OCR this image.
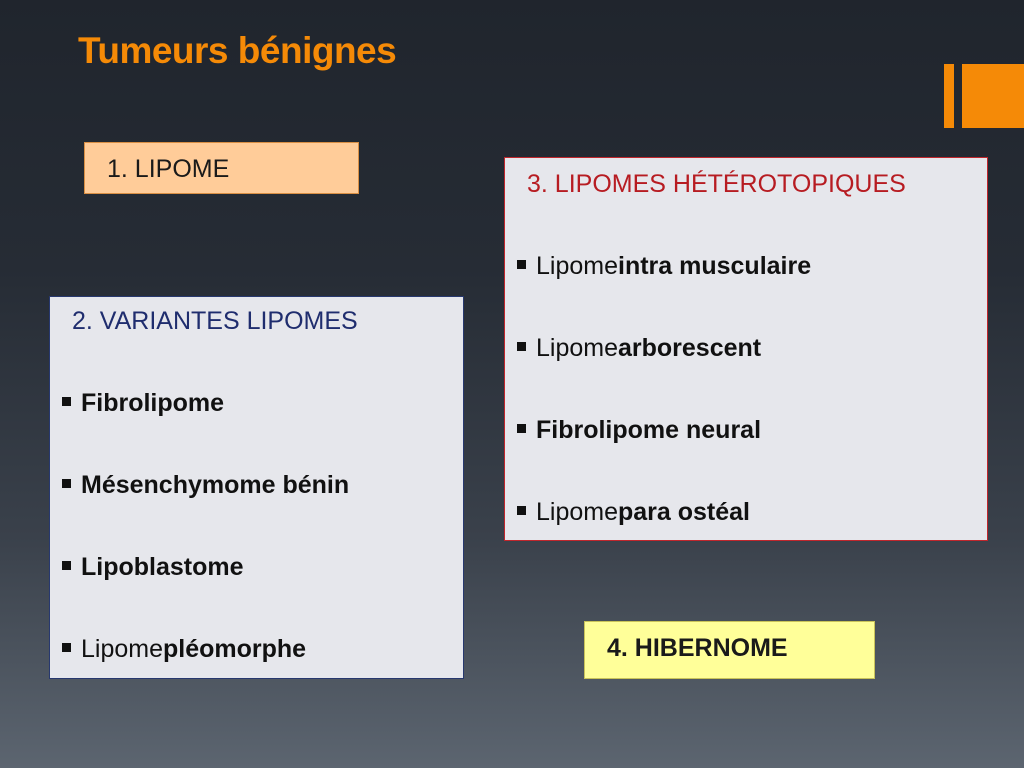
Tumeurs bénignes
1. LIPOME
3. LIPOMES HÉTÉROTOPIQUES
Lipome intra musculaire
Lipome arborescent
Fibrolipome neural
Lipome para ostéal
2. VARIANTES LIPOMES
Fibrolipome
Mésenchymome bénin
Lipoblastome
Lipome pléomorphe	4. HIBERNOME
